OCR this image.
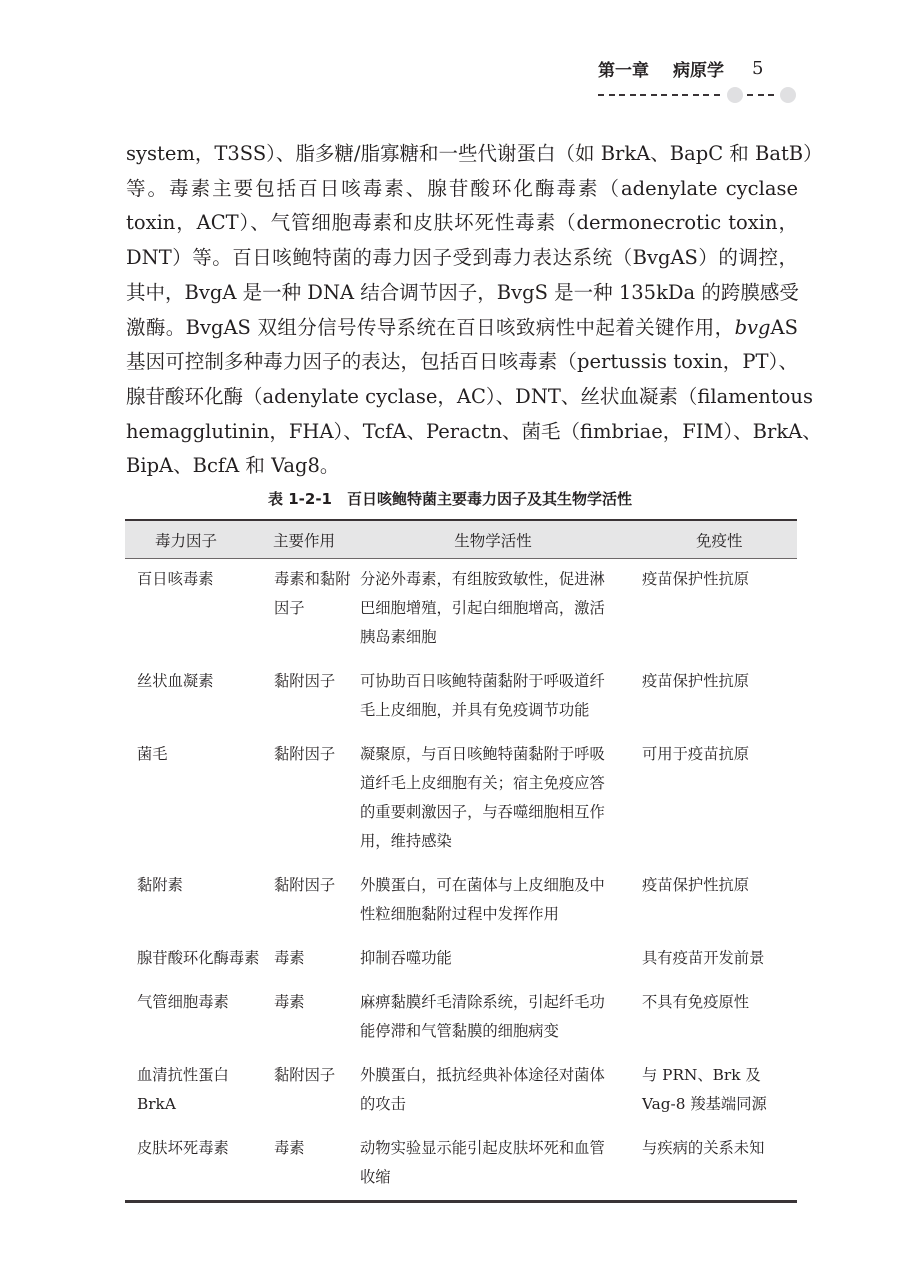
第一章 病原学 5
system，T3SS）、脂多糖/脂寡糖和一些代谢蛋白（如 BrkA、BapC 和 BatB）
等。毒素主要包括百日咳毒素、腺苷酸环化酶毒素（adenylate cyclase
toxin，ACT）、气管细胞毒素和皮肤坏死性毒素（dermonecrotic toxin，
DNT）等。百日咳鲍特菌的毒力因子受到毒力表达系统（BvgAS）的调控，
其中，BvgA 是一种 DNA 结合调节因子，BvgS 是一种 135kDa 的跨膜感受
激酶。BvgAS 双组分信号传导系统在百日咳致病性中起着关键作用，bvgAS
基因可控制多种毒力因子的表达，包括百日咳毒素（pertussis toxin，PT）、
腺苷酸环化酶（adenylate cyclase，AC）、DNT、丝状血凝素（filamentous
hemagglutinin，FHA）、TcfA、Peractn、菌毛（fimbriae，FIM）、BrkA、
BipA、BcfA 和 Vag8。
表 1-2-1　百日咳鲍特菌主要毒力因子及其生物学活性
毒力因子	主要作用	生物学活性	免疫性
百日咳毒素	毒素和黏附因子	分泌外毒素，有组胺致敏性，促进淋巴细胞增殖，引起白细胞增高，激活胰岛素细胞	疫苗保护性抗原
丝状血凝素	黏附因子	可协助百日咳鲍特菌黏附于呼吸道纤毛上皮细胞，并具有免疫调节功能	疫苗保护性抗原
菌毛	黏附因子	凝聚原，与百日咳鲍特菌黏附于呼吸道纤毛上皮细胞有关；宿主免疫应答的重要刺激因子，与吞噬细胞相互作用，维持感染	可用于疫苗抗原
黏附素	黏附因子	外膜蛋白，可在菌体与上皮细胞及中性粒细胞黏附过程中发挥作用	疫苗保护性抗原
腺苷酸环化酶毒素	毒素	抑制吞噬功能	具有疫苗开发前景
气管细胞毒素	毒素	麻痹黏膜纤毛清除系统，引起纤毛功能停滞和气管黏膜的细胞病变	不具有免疫原性
血清抗性蛋白 BrkA	黏附因子	外膜蛋白，抵抗经典补体途径对菌体的攻击	与 PRN、Brk 及 Vag-8 羧基端同源
皮肤坏死毒素	毒素	动物实验显示能引起皮肤坏死和血管收缩	与疾病的关系未知
